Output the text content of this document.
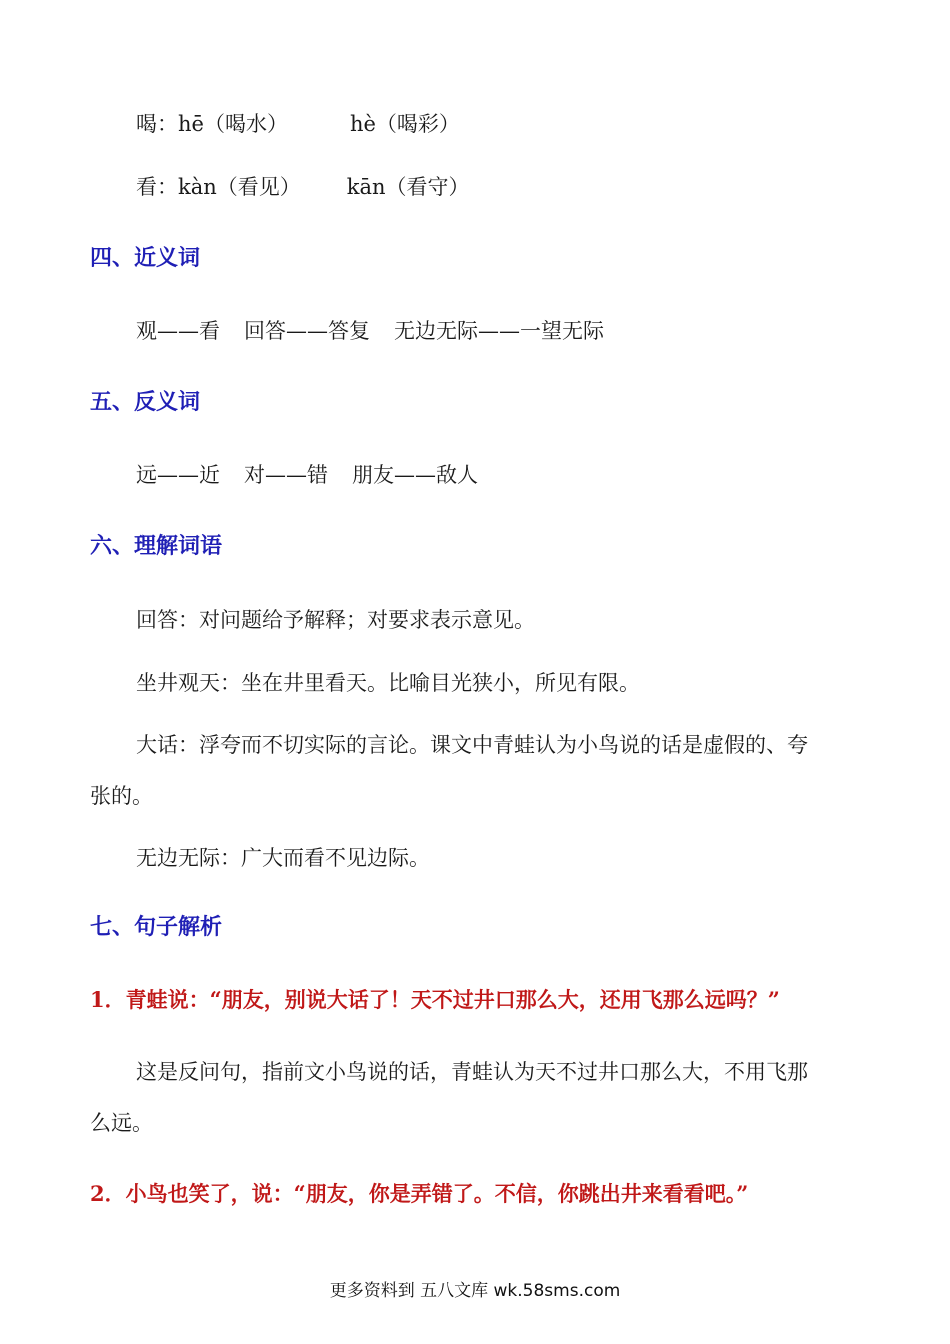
喝：hē（喝水）	hè（喝彩）
看：kàn（看见） kān（看守）
四、近义词
观——看 回答——答复 无边无际——一望无际
五、反义词
远——近 对——错 朋友——敌人
六、理解词语
回答：对问题给予解释；对要求表示意见。
坐井观天：坐在井里看天。比喻目光狭小，所见有限。
大话：浮夸而不切实际的言论。课文中青蛙认为小鸟说的话是虚假的、夸
张的。
无边无际：广大而看不见边际。
七、句子解析
1．青蛙说：“朋友，别说大话了！天不过井口那么大，还用飞那么远吗？”
这是反问句，指前文小鸟说的话，青蛙认为天不过井口那么大，不用飞那
么远。
2．小鸟也笑了，说：“朋友，你是弄错了。不信，你跳出井来看看吧。”
更多资料到 五八文库 wk.58sms.com
